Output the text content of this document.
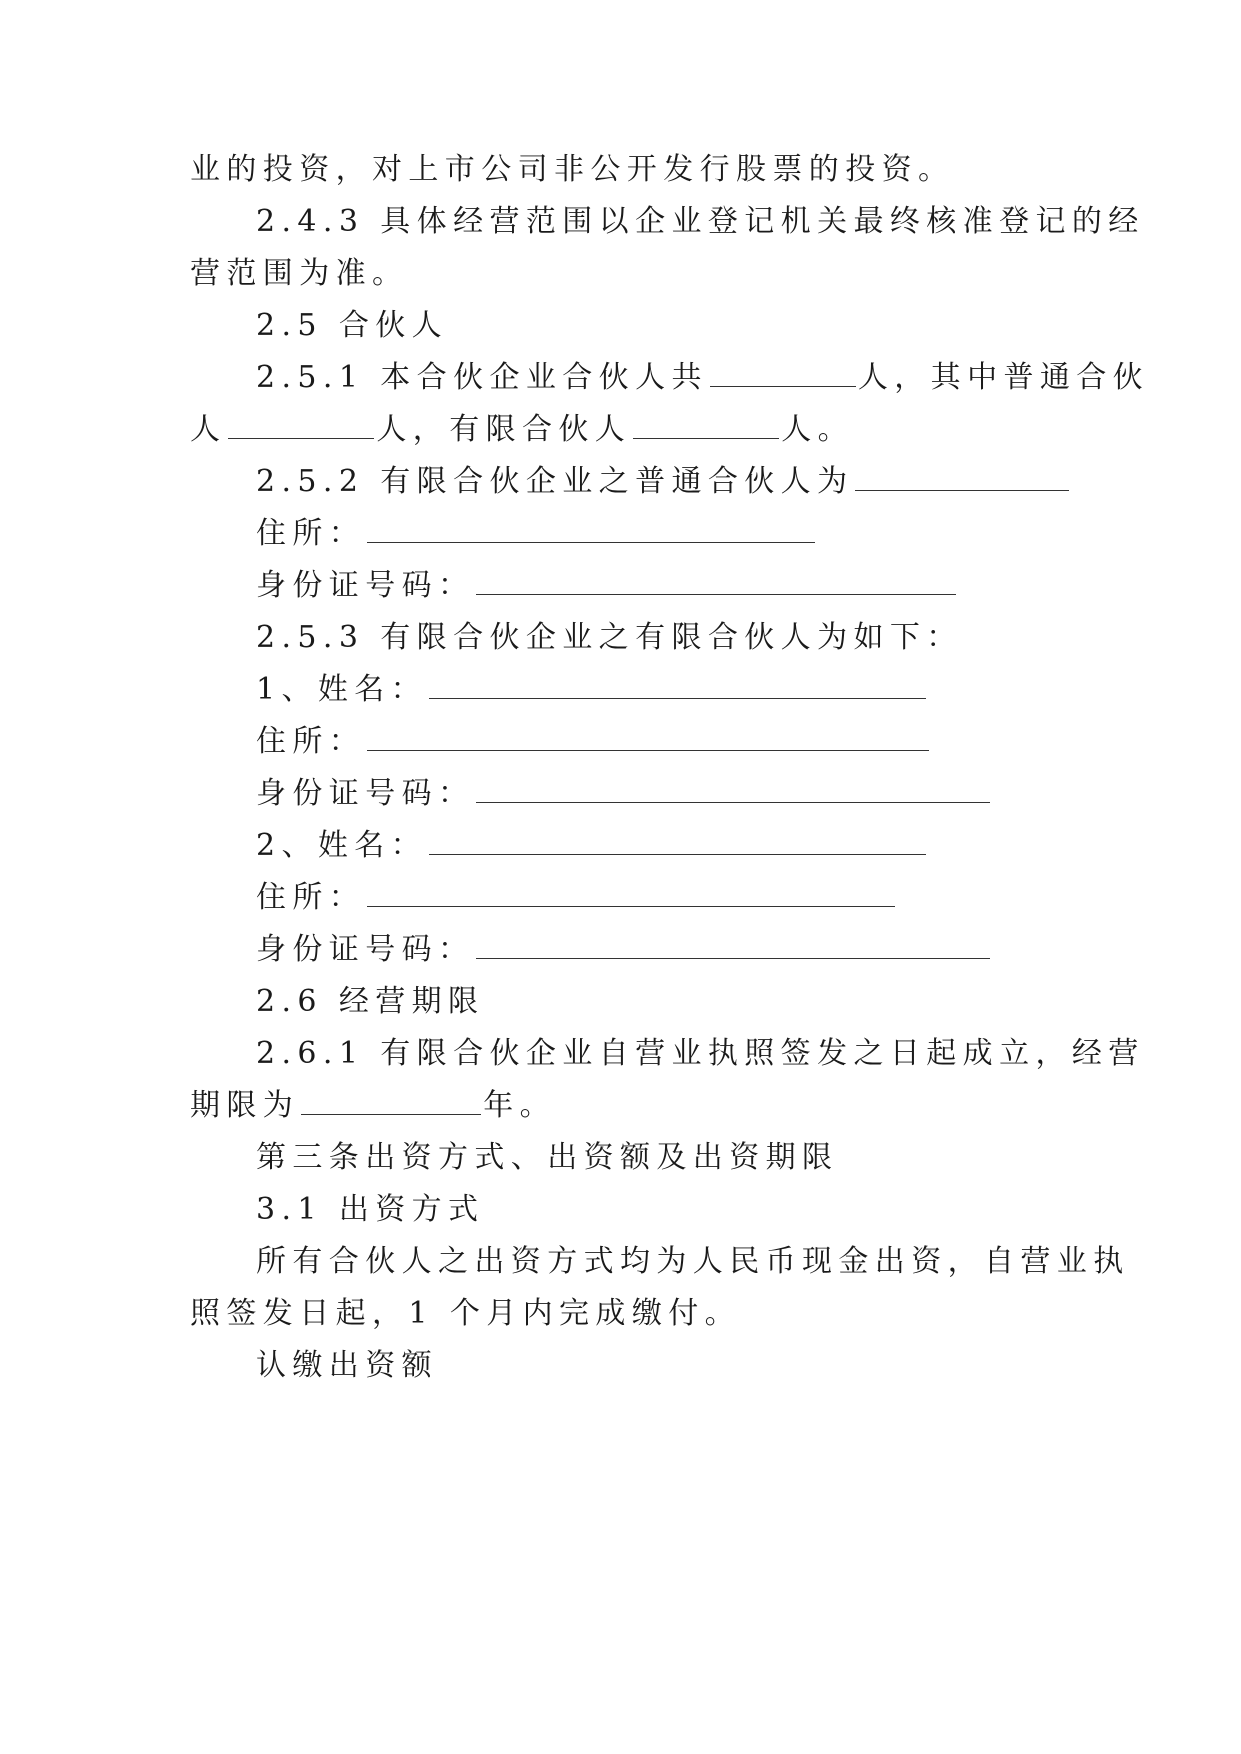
业的投资，对上市公司非公开发行股票的投资。
2.4.3 具体经营范围以企业登记机关最终核准登记的经
营范围为准。
2.5 合伙人
2.5.1 本合伙企业合伙人共	人，其中普通合伙
人	人，有限合伙人	人。
2.5.2 有限合伙企业之普通合伙人为
住所：
身份证号码：
2.5.3 有限合伙企业之有限合伙人为如下：
1、姓名：
住所：
身份证号码：
2、姓名：
住所：
身份证号码：
2.6 经营期限
2.6.1 有限合伙企业自营业执照签发之日起成立，经营
期限为	年。
第三条出资方式、出资额及出资期限
3.1 出资方式
所有合伙人之出资方式均为人民币现金出资，自营业执
照签发日起，1 个月内完成缴付。
认缴出资额
